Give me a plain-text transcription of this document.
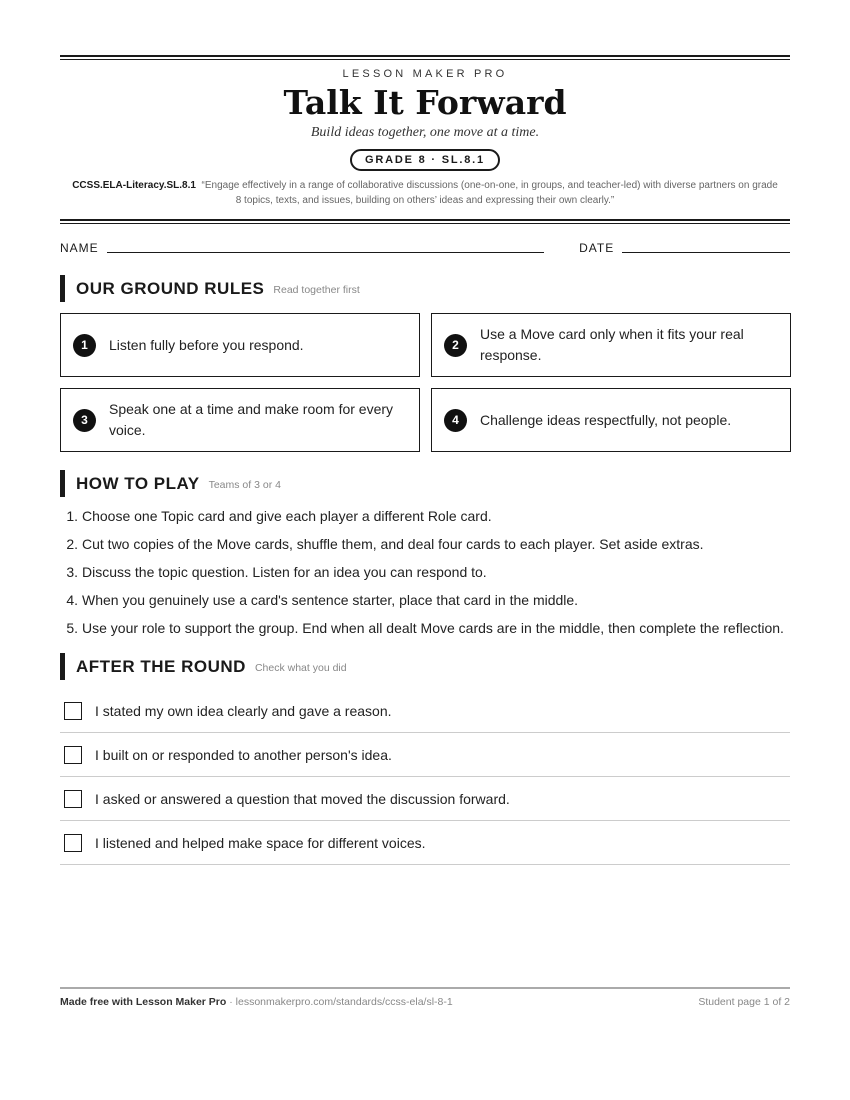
LESSON MAKER PRO
Talk It Forward
Build ideas together, one move at a time.
GRADE 8 · SL.8.1
CCSS.ELA-Literacy.SL.8.1 “Engage effectively in a range of collaborative discussions (one-on-one, in groups, and teacher-led) with diverse partners on grade 8 topics, texts, and issues, building on others’ ideas and expressing their own clearly.”
NAME	DATE
OUR GROUND RULES Read together first
1	Listen fully before you respond.	2
Use a Move card only when it fits your real response.
3
Speak one at a time and make room for every voice.
4	Challenge ideas respectfully, not people.
HOW TO PLAY Teams of 3 or 4
1. Choose one Topic card and give each player a different Role card.
2. Cut two copies of the Move cards, shuffle them, and deal four cards to each player. Set aside extras.
3. Discuss the topic question. Listen for an idea you can respond to.
4. When you genuinely use a card's sentence starter, place that card in the middle.
5. Use your role to support the group. End when all dealt Move cards are in the middle, then complete the reflection.
AFTER THE ROUND Check what you did
I stated my own idea clearly and gave a reason.
I built on or responded to another person's idea.
I asked or answered a question that moved the discussion forward.
I listened and helped make space for different voices.
Made free with Lesson Maker Pro · lessonmakerpro.com/standards/ccss-ela/sl-8-1	Student page 1 of 2
